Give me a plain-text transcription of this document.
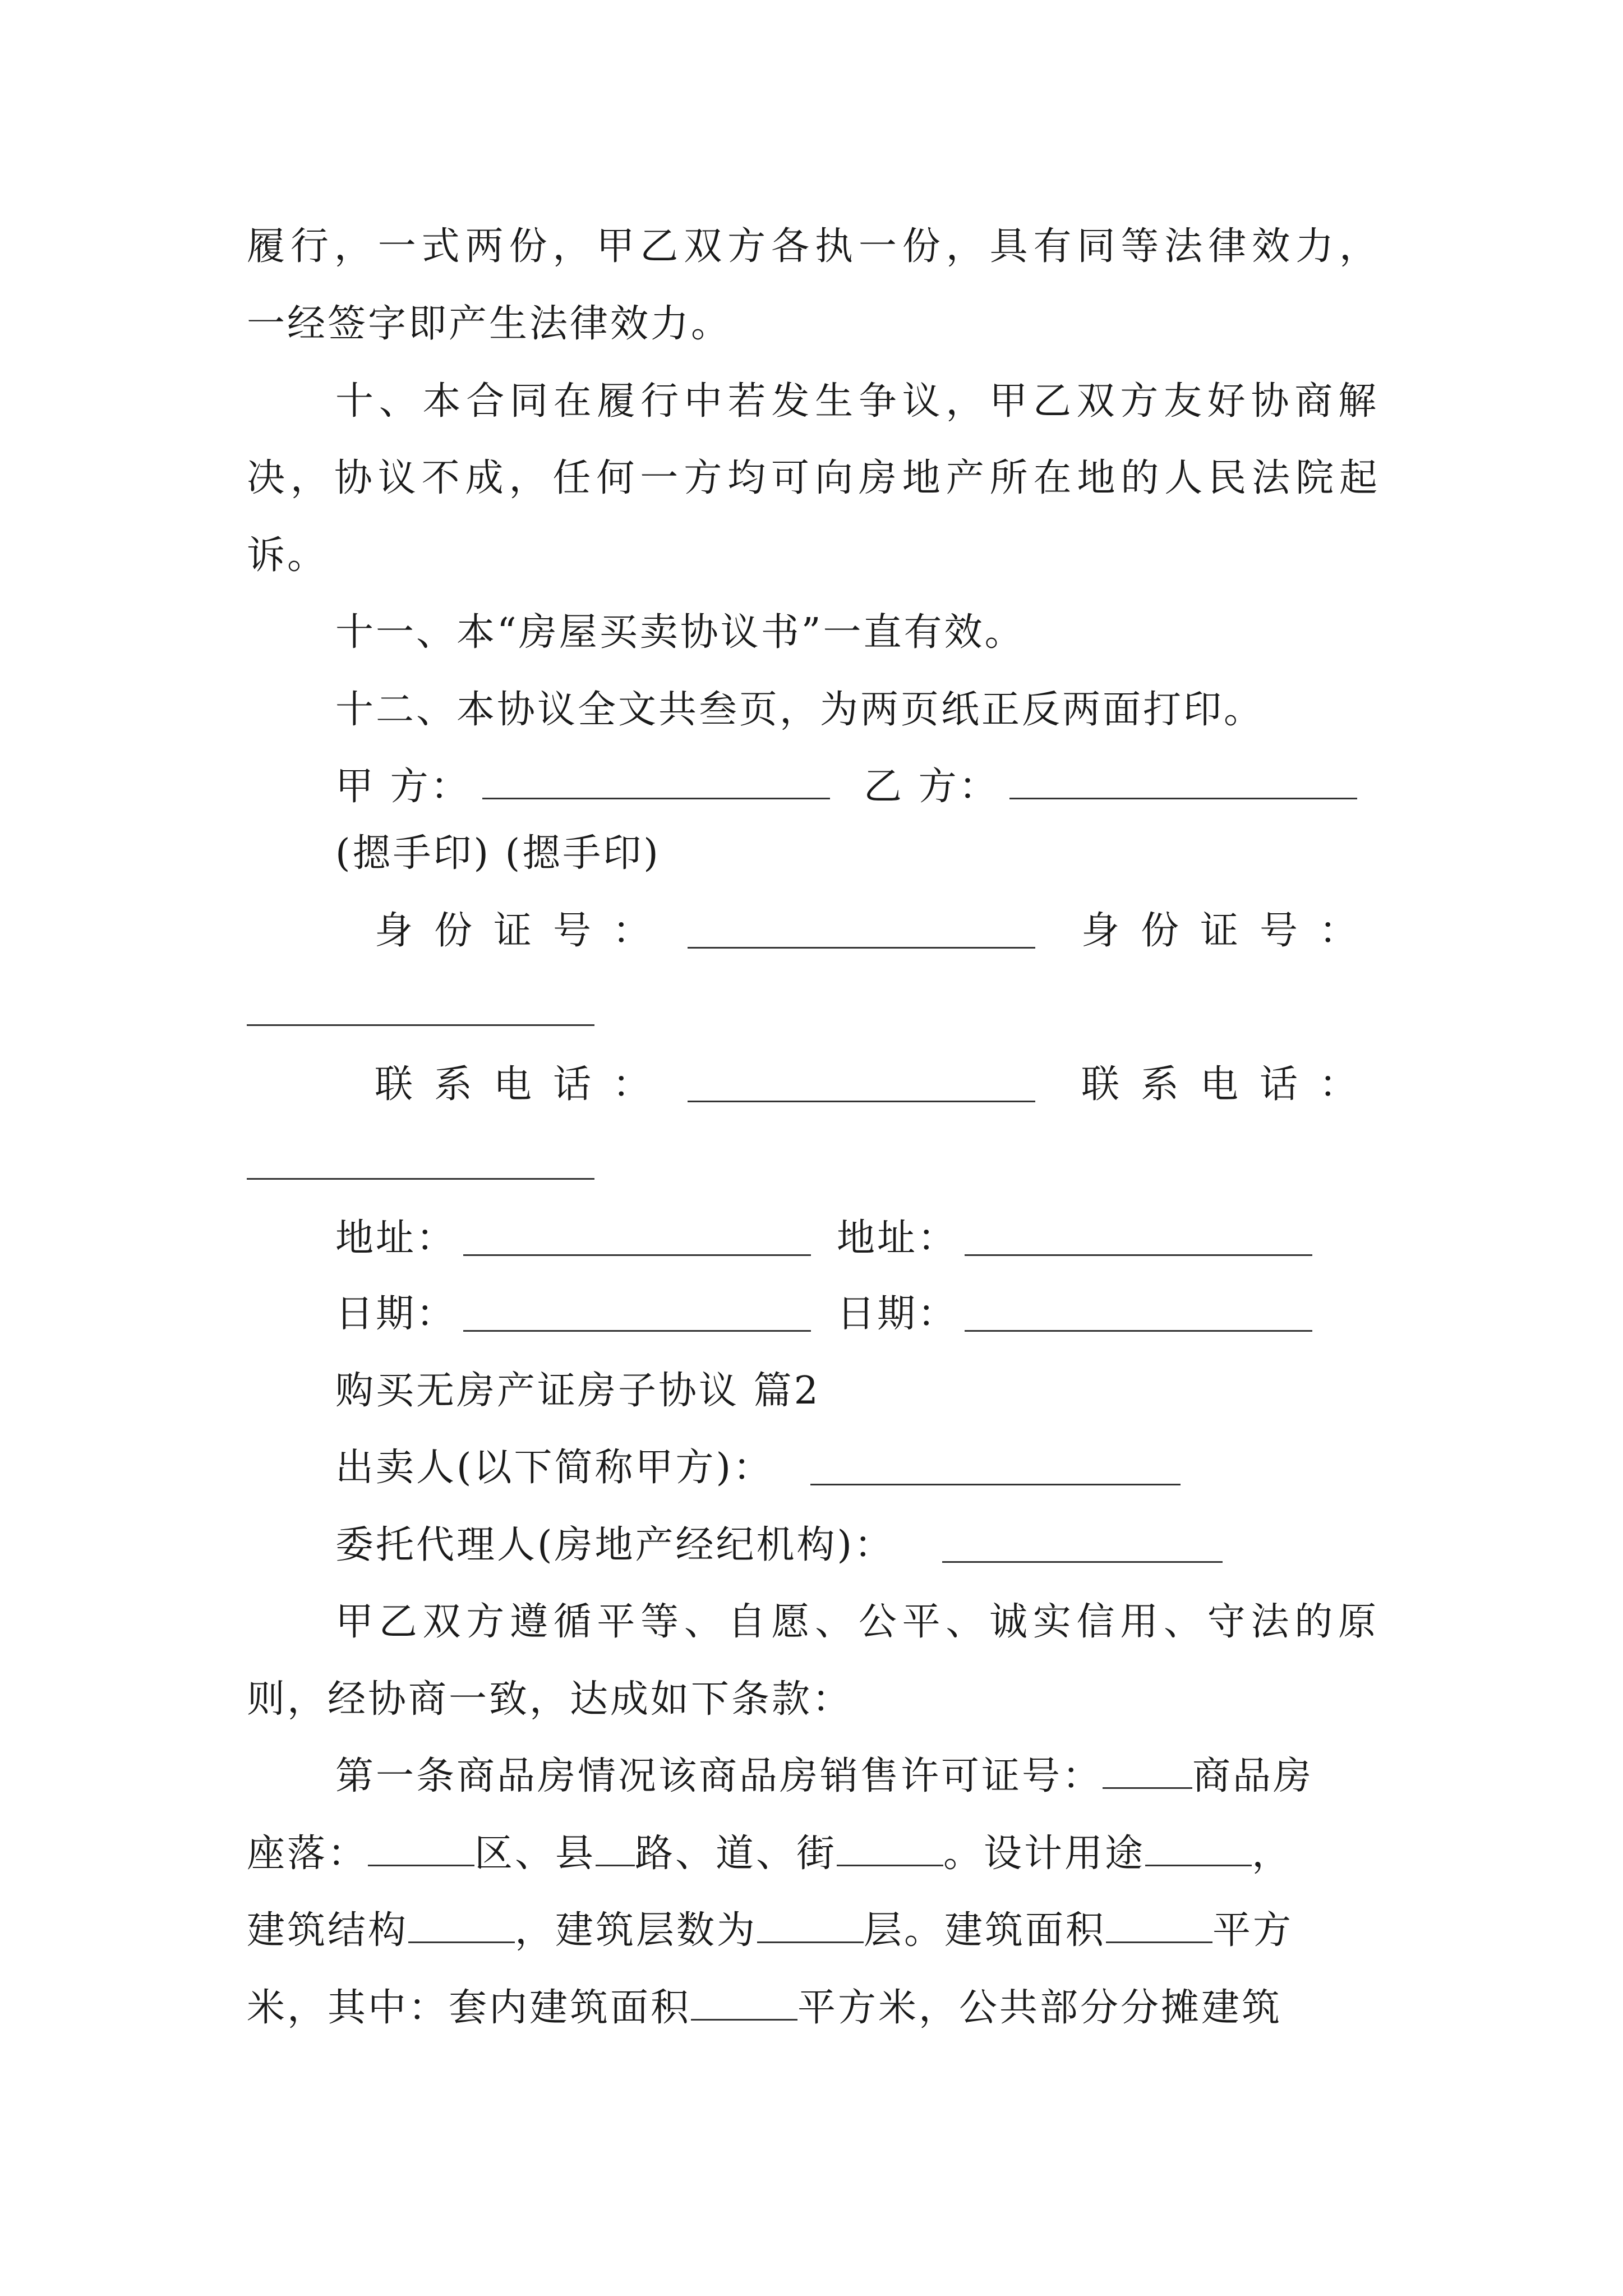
履行，一式两份，甲乙双方各执一份，具有同等法律效力，

一经签字即产生法律效力。

十、本合同在履行中若发生争议，甲乙双方友好协商解

决，协议不成，任何一方均可向房地产所在地的人民法院起

诉。

十一、本“房屋买卖协议书”一直有效。

十二、本协议全文共叁页，为两页纸正反两面打印。

甲 方：	乙 方：
(摁手印) (摁手印)
身份证号：	身份证号：
联系电话：	联系电话：
地址：	地址：
日期：	日期：

购买无房产证房子协议 篇2

出卖人(以下简称甲方)：
委托代理人(房地产经纪机构)：

甲乙双方遵循平等、自愿、公平、诚实信用、守法的原

则，经协商一致，达成如下条款：

第一条商品房情况该商品房销售许可证号： 商品房

座落：	区、县 路、道、街	。设计用途	，

建筑结构	，建筑层数为	层。建筑面积	平方

米，其中：套内建筑面积	平方米，公共部分分摊建筑
